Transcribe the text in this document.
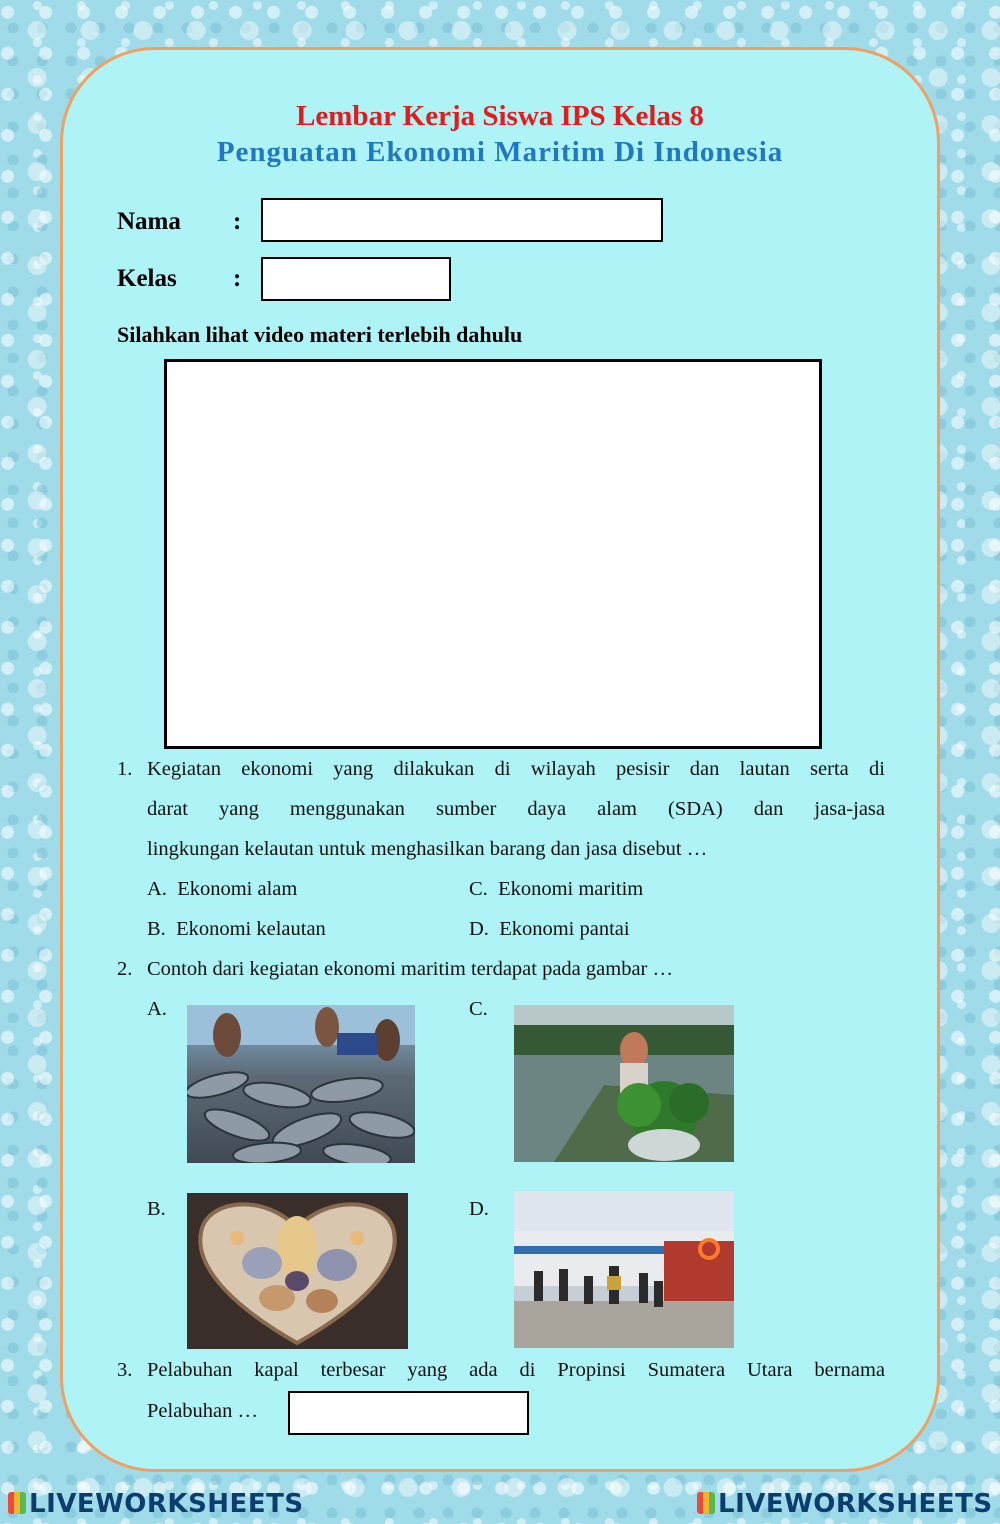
Lembar Kerja Siswa IPS Kelas 8
Penguatan Ekonomi Maritim Di Indonesia
Nama :
Kelas :
Silahkan lihat video materi terlebih dahulu
1. Kegiatan ekonomi yang dilakukan di wilayah pesisir dan lautan serta di
darat yang menggunakan sumber daya alam (SDA) dan jasa-jasa
lingkungan kelautan untuk menghasilkan barang dan jasa disebut …
A. Ekonomi alam
B. Ekonomi kelautan
C. Ekonomi maritim
D. Ekonomi pantai
2. Contoh dari kegiatan ekonomi maritim terdapat pada gambar …
A.	C.
B.	D.
3. Pelabuhan kapal terbesar yang ada di Propinsi Sumatera Utara bernama
Pelabuhan …
LIVEWORKSHEETS	LIVEWORKSHEETS
